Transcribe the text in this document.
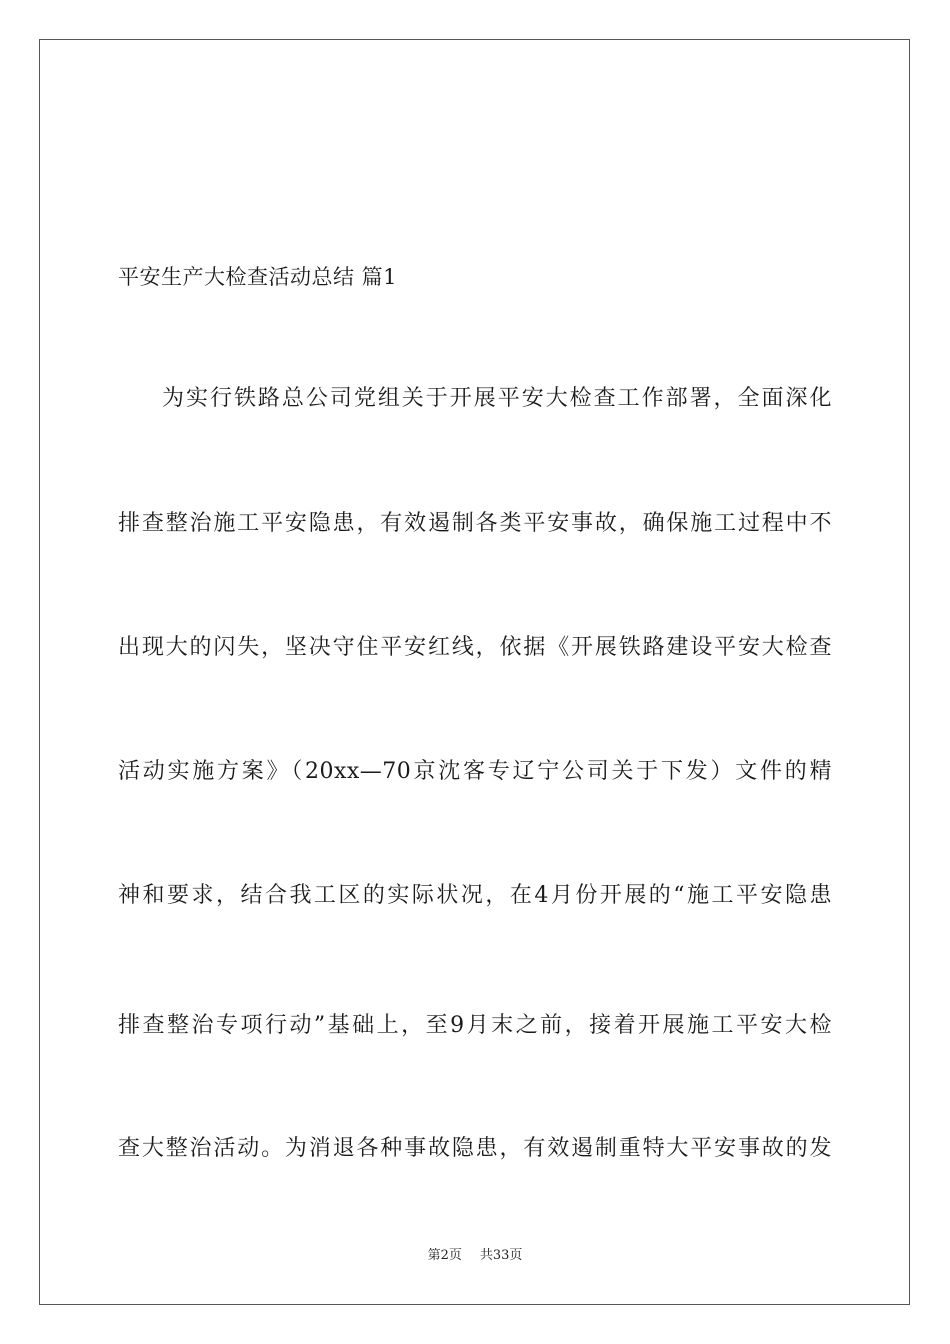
平安生产大检查活动总结 篇1
为实行铁路总公司党组关于开展平安大检查工作部署，全面深化
排查整治施工平安隐患，有效遏制各类平安事故，确保施工过程中不
出现大的闪失，坚决守住平安红线，依据《开展铁路建设平安大检查
活动实施方案》（20xx—70京沈客专辽宁公司关于下发）文件的精
神和要求，结合我工区的实际状况，在4月份开展的“施工平安隐患
排查整治专项行动”基础上，至9月末之前，接着开展施工平安大检
查大整治活动。为消退各种事故隐患，有效遏制重特大平安事故的发
第2页 共33页
